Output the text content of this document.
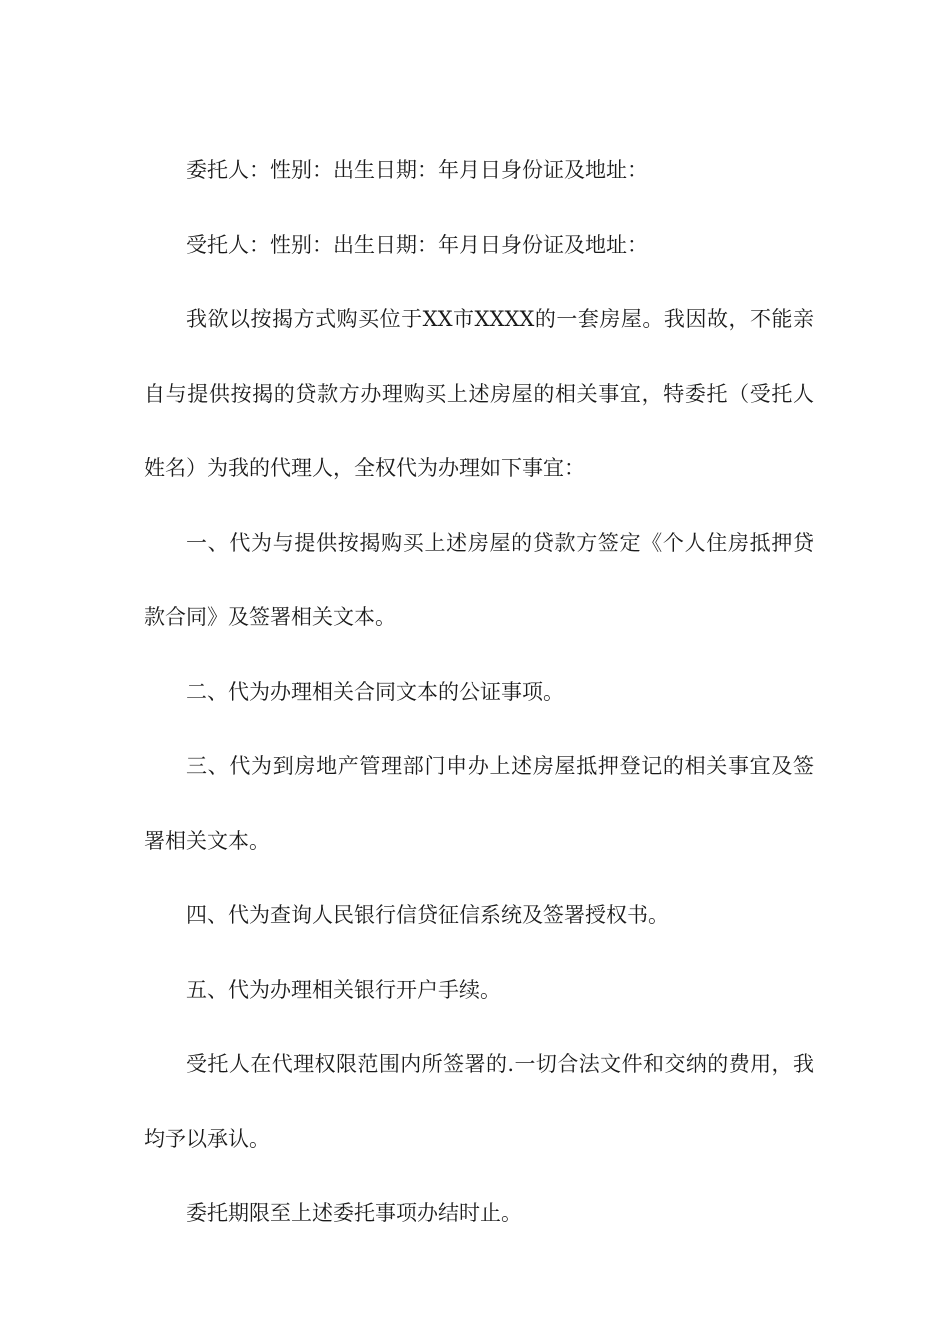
委托人：性别：出生日期：年月日身份证及地址：

受托人：性别：出生日期：年月日身份证及地址：

我欲以按揭方式购买位于XX市XXXX的一套房屋。我因故，不能亲自与提供按揭的贷款方办理购买上述房屋的相关事宜，特委托（受托人姓名）为我的代理人，全权代为办理如下事宜：

一、代为与提供按揭购买上述房屋的贷款方签定《个人住房抵押贷款合同》及签署相关文本。

二、代为办理相关合同文本的公证事项。

三、代为到房地产管理部门申办上述房屋抵押登记的相关事宜及签署相关文本。

四、代为查询人民银行信贷征信系统及签署授权书。

五、代为办理相关银行开户手续。

受托人在代理权限范围内所签署的.一切合法文件和交纳的费用，我均予以承认。

委托期限至上述委托事项办结时止。
